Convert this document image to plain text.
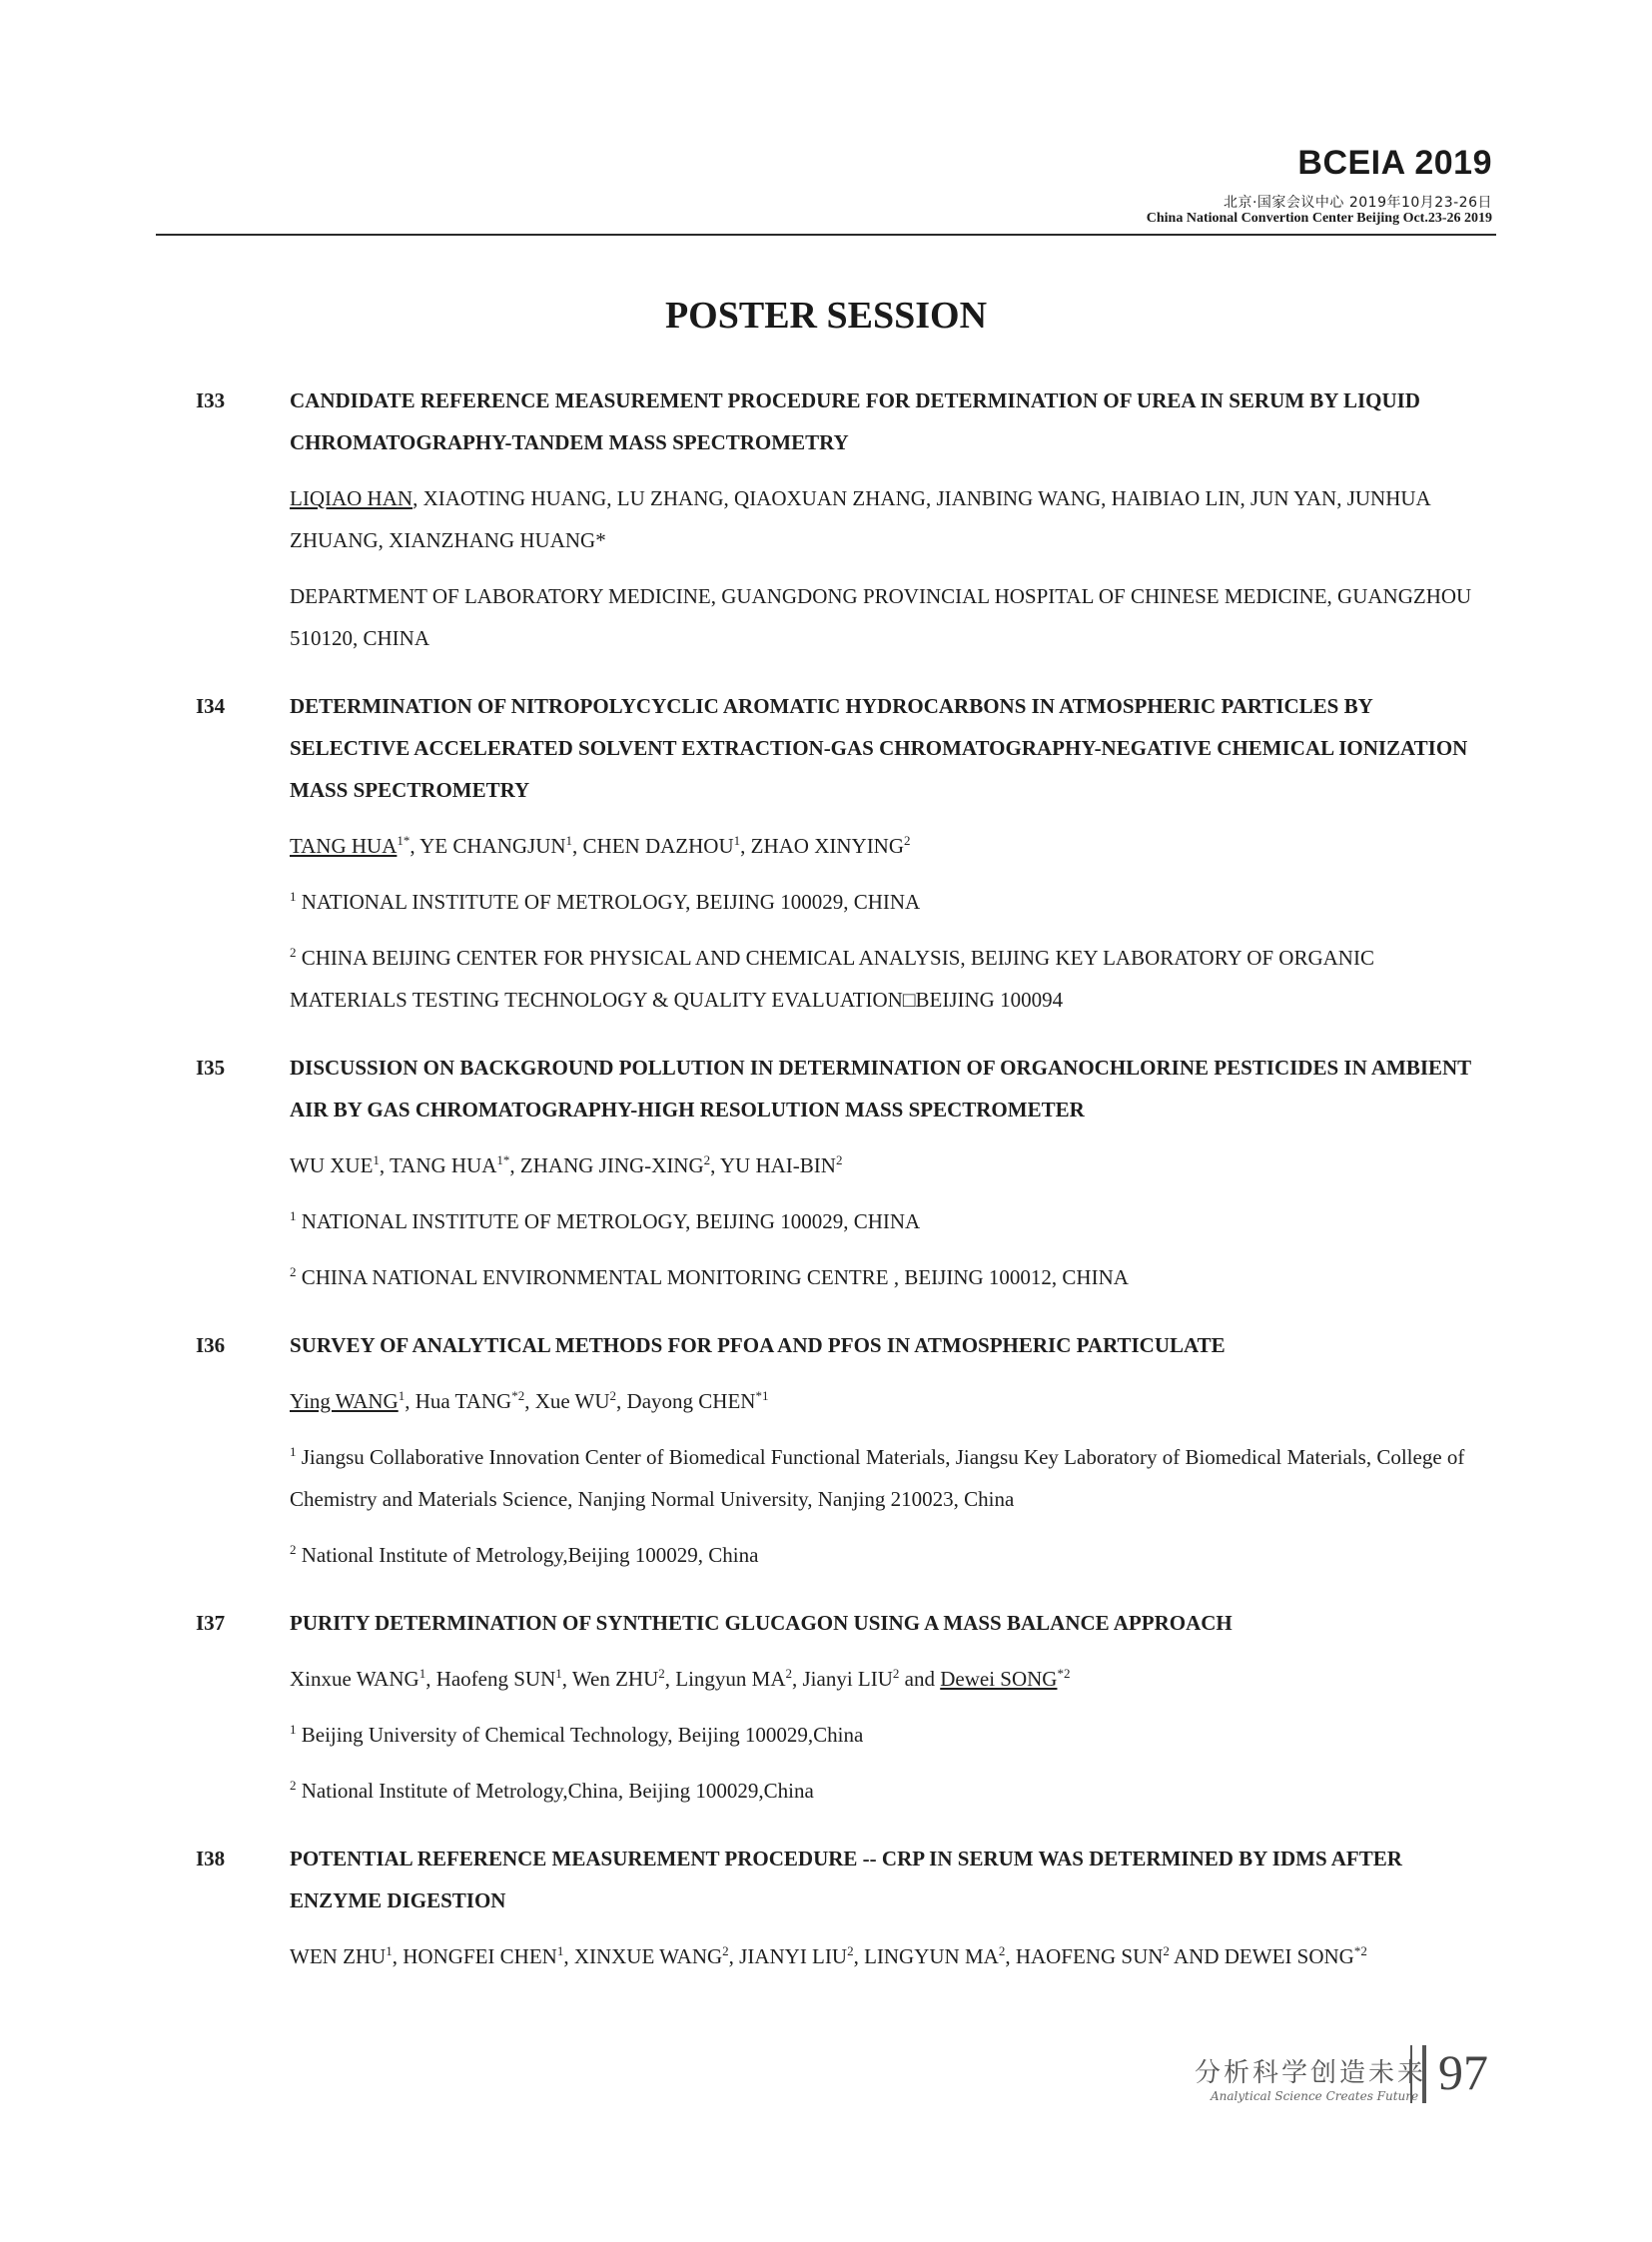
BCEIA 2019
北京·国家会议中心 2019年10月23-26日
China National Convertion Center Beijing Oct.23-26 2019
POSTER SESSION
I33	CANDIDATE REFERENCE MEASUREMENT PROCEDURE FOR DETERMINATION OF UREA IN SERUM BY LIQUID CHROMATOGRAPHY-TANDEM MASS SPECTROMETRY
LIQIAO HAN, XIAOTING HUANG, LU ZHANG, QIAOXUAN ZHANG, JIANBING WANG, HAIBIAO LIN, JUN YAN, JUNHUA ZHUANG, XIANZHANG HUANG*
DEPARTMENT OF LABORATORY MEDICINE, GUANGDONG PROVINCIAL HOSPITAL OF CHINESE MEDICINE, GUANGZHOU 510120, CHINA
I34	DETERMINATION OF NITROPOLYCYCLIC AROMATIC HYDROCARBONS IN ATMOSPHERIC PARTICLES BY SELECTIVE ACCELERATED SOLVENT EXTRACTION-GAS CHROMATOGRAPHY-NEGATIVE CHEMICAL IONIZATION MASS SPECTROMETRY
TANG $HUA^{1*}$, YE CHANGJUN$^1$, CHEN DAZHOU$^1$, ZHAO XINYING$^2$
$^1$ NATIONAL INSTITUTE OF METROLOGY, BEIJING 100029, CHINA
$^2$ CHINA BEIJING CENTER FOR PHYSICAL AND CHEMICAL ANALYSIS, BEIJING KEY LABORATORY OF ORGANIC MATERIALS TESTING TECHNOLOGY & QUALITY EVALUATION□BEIJING 100094
I35	DISCUSSION ON BACKGROUND POLLUTION IN DETERMINATION OF ORGANOCHLORINE PESTICIDES IN AMBIENT AIR BY GAS CHROMATOGRAPHY-HIGH RESOLUTION MASS SPECTROMETER
WU XUE$^1$, TANG $HUA^{1*}$, ZHANG JING-XING$^2$, YU HAI-BIN$^2$
$^1$ NATIONAL INSTITUTE OF METROLOGY, BEIJING 100029, CHINA
$^2$ CHINA NATIONAL ENVIRONMENTAL MONITORING CENTRE , BEIJING 100012, CHINA
I36	SURVEY OF ANALYTICAL METHODS FOR PFOA AND PFOS IN ATMOSPHERIC PARTICULATE
Ying WANG$^1$, Hua TANG$^{*2}$, Xue $WU^2$, Dayong CHEN$^{*1}$
$^1$ Jiangsu Collaborative Innovation Center of Biomedical Functional Materials, Jiangsu Key Laboratory of Biomedical Materials, College of Chemistry and Materials Science, Nanjing Normal University, Nanjing 210023, China
$^2$ National Institute of Metrology,Beijing 100029, China
I37	PURITY DETERMINATION OF SYNTHETIC GLUCAGON USING A MASS BALANCE APPROACH
Xinxue WANG$^1$, Haofeng SUN$^1$, Wen ZHU$^2$, Lingyun $MA^2$, Jianyi LIU$^2$ and Dewei SONG$^{*2}$
$^1$ Beijing University of Chemical Technology, Beijing 100029,China
$^2$ National Institute of Metrology,China, Beijing 100029,China
I38	POTENTIAL REFERENCE MEASUREMENT PROCEDURE -- CRP IN SERUM WAS DETERMINED BY IDMS AFTER ENZYME DIGESTION
WEN ZHU$^1$, HONGFEI CHEN$^1$, XINXUE WANG$^2$, JIANYI LIU$^2$, LINGYUN $MA^2$, HAOFENG SUN$^2$ AND DEWEI SONG$^{*2}$
分析科学创造未来
Analytical Science Creates Future 97
